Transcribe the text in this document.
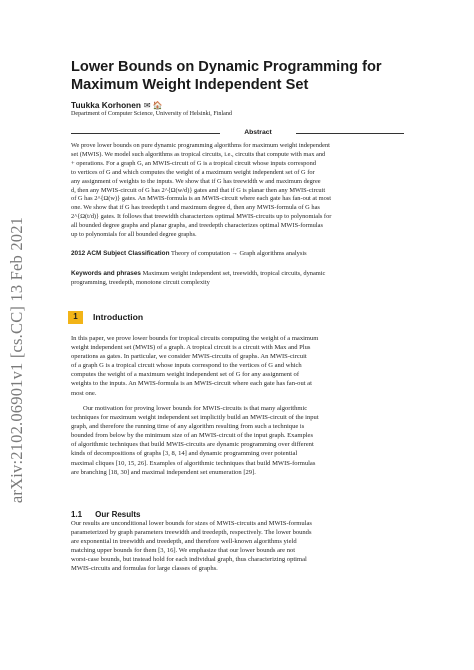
arXiv:2102.06901v1 [cs.CC] 13 Feb 2021
Lower Bounds on Dynamic Programming for
Maximum Weight Independent Set
Tuukka Korhonen ✉ 🏠
Department of Computer Science, University of Helsinki, Finland
Abstract
We prove lower bounds on pure dynamic programming algorithms for maximum weight independent
set (MWIS). We model such algorithms as tropical circuits, i.e., circuits that compute with max and
+ operations. For a graph G, an MWIS-circuit of G is a tropical circuit whose inputs correspond
to vertices of G and which computes the weight of a maximum weight independent set of G for
any assignment of weights to the inputs. We show that if G has treewidth w and maximum degree
d, then any MWIS-circuit of G has 2^{Ω(w/d)} gates and that if G is planar then any MWIS-circuit
of G has 2^{Ω(w)} gates. An MWIS-formula is an MWIS-circuit where each gate has fan-out at most
one. We show that if G has treedepth t and maximum degree d, then any MWIS-formula of G has
2^{Ω(t/d)} gates. It follows that treewidth characterizes optimal MWIS-circuits up to polynomials for
all bounded degree graphs and planar graphs, and treedepth characterizes optimal MWIS-formulas
up to polynomials for all bounded degree graphs.
2012 ACM Subject Classification Theory of computation → Graph algorithms analysis
Keywords and phrases Maximum weight independent set, treewidth, tropical circuits, dynamic
programming, treedepth, monotone circuit complexity
1 Introduction
In this paper, we prove lower bounds for tropical circuits computing the weight of a maximum
weight independent set (MWIS) of a graph. A tropical circuit is a circuit with Max and Plus
operations as gates. In particular, we consider MWIS-circuits of graphs. An MWIS-circuit
of a graph G is a tropical circuit whose inputs correspond to the vertices of G and which
computes the weight of a maximum weight independent set of G for any assignment of
weights to the inputs. An MWIS-formula is an MWIS-circuit where each gate has fan-out at
most one.
Our motivation for proving lower bounds for MWIS-circuits is that many algorithmic
techniques for maximum weight independent set implicitly build an MWIS-circuit of the input
graph, and therefore the running time of any algorithm resulting from such a technique is
bounded from below by the minimum size of an MWIS-circuit of the input graph. Examples
of algorithmic techniques that build MWIS-circuits are dynamic programming over different
kinds of decompositions of graphs [3, 8, 14] and dynamic programming over potential
maximal cliques [10, 15, 26]. Examples of algorithmic techniques that build MWIS-formulas
are branching [18, 30] and maximal independent set enumeration [29].
1.1 Our Results
Our results are unconditional lower bounds for sizes of MWIS-circuits and MWIS-formulas
parameterized by graph parameters treewidth and treedepth, respectively. The lower bounds
are exponential in treewidth and treedepth, and therefore well-known algorithms yield
matching upper bounds for them [3, 16]. We emphasize that our lower bounds are not
worst-case bounds, but instead hold for each individual graph, thus characterizing optimal
MWIS-circuits and formulas for large classes of graphs.
